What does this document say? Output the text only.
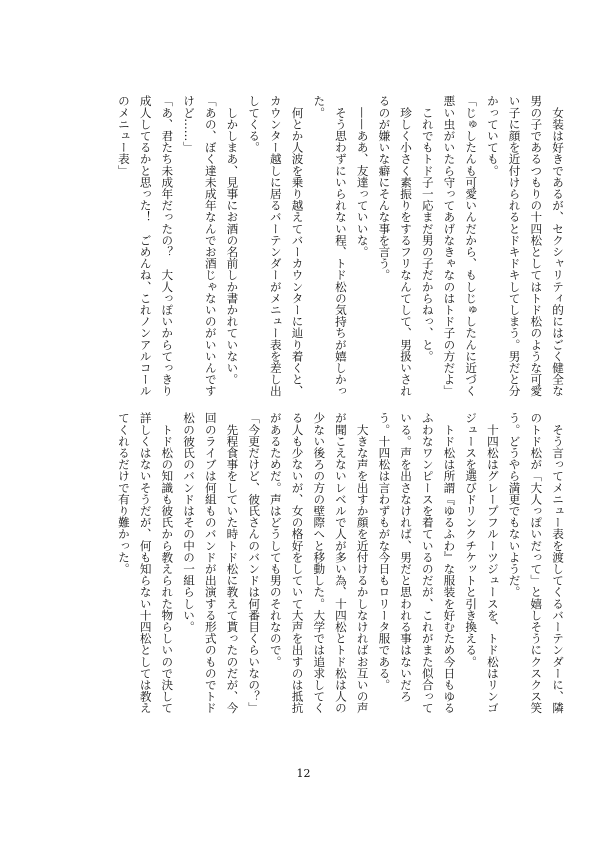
　女装は好きであるが、セクシャリティ的にはごく健全な
男の子であるつもりの十四松としてはトド松のような可愛
い子に顔を近付けられるとドキドキしてしまう。男だと分
かっていても。
「じゅしたんも可愛いんだから、もしじゅしたんに近づく
悪い虫がいたら守ってあげなきゃなのはトド子の方だよ」
　これでもトド子一応まだ男の子だからねっ、と。
　珍しく小さく素振りをするフリなんてして、男扱いされ
るのが嫌いな癖にそんな事を言う。
　——ああ、友達っていいな。
　そう思わずにいられない程、トド松の気持ちが嬉しかっ
た。
　何とか人波を乗り越えてバーカウンターに辿り着くと、
カウンター越しに居るバーテンダーがメニュー表を差し出
してくる。
　しかしまあ、見事にお酒の名前しか書かれていない。
「あの、ぼく達未成年なんでお酒じゃないのがいいんです
けど……」
「あ、君たち未成年だったの？　大人っぽいからてっきり
成人してるかと思った！　ごめんね、これノンアルコール
のメニュー表」
　そう言ってメニュー表を渡してくるバーテンダーに、隣
のトド松が「大人っぽいだって」と嬉しそうにクスクス笑
う。どうやら満更でもないようだ。
　十四松はグレープフルーツジュースを、トド松はリンゴ
ジュースを選びドリンクチケットと引き換える。
　トド松は所謂『ゆるふわ』な服装を好むため今日もゆる
ふわなワンピースを着ているのだが、これがまた似合って
いる。声を出さなければ、男だと思われる事はないだろ
う。十四松は言わずもがな今日もロリータ服である。
　大きな声を出すか顔を近付けるかしなければお互いの声
が聞こえないレベルで人が多い為、十四松とトド松は人の
少ない後ろの方の壁際へと移動した。大学では追求してく
る人も少ないが、女の格好をしていて大声を出すのは抵抗
があるためだ。声はどうしても男のそれなので。
「今更だけど、彼氏さんのバンドは何番目くらいなの？」
　先程食事をしていた時トド松に教えて貰ったのだが、今
回のライブは何組ものバンドが出演する形式のものでトド
松の彼氏のバンドはその中の一組らしい。
　トド松の知識も彼氏から教えられた物らしいので決して
詳しくはないそうだが、何も知らない十四松としては教え
てくれるだけで有り難かった。
12
